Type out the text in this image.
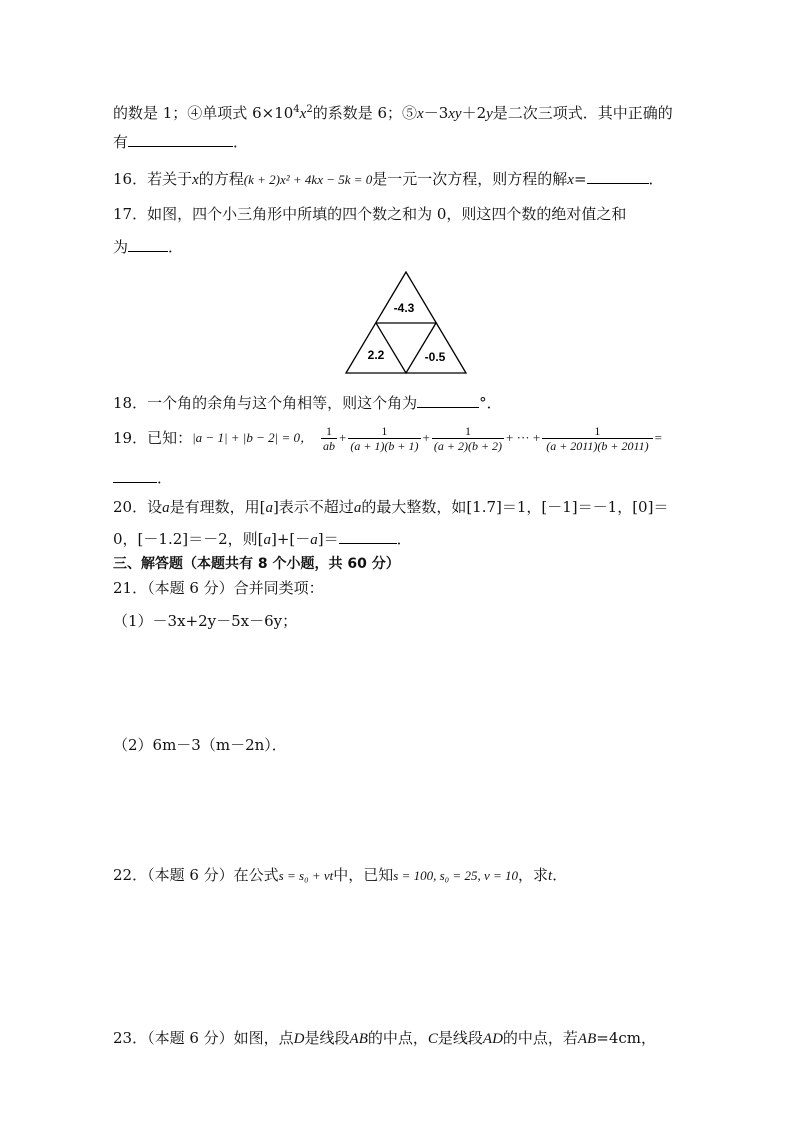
的数是 1；④单项式 $6\times 10^4x^2$的系数是 6；⑤x－3xy＋2y是二次三项式．其中正确的
有	．
16．若关于x的方程(k + 2)x² + 4kx − 5k = 0是一元一次方程，则方程的解x=	．
17．如图，四个小三角形中所填的四个数之和为 0，则这四个数的绝对值之和
为	．
-4.3
2.2	-0.5
18．一个角的余角与这个角相等，则这个角为	°．
19．已知：|a − 1| + |b − 2| = 0， $\frac{1}{ab} + \frac{1}{(a + 1)(b + 1)} + \frac{1}{(a + 2)(b + 2)}$ + ··· + $\frac{1}{(a + 2011)(b + 2011)}$ =
．
20．设a是有理数，用[a]表示不超过a的最大整数，如[1.7]＝1，[－1]＝－1，[0]＝
0，[－1.2]＝－2，则[a]+[－a]＝	．
三、解答题（本题共有 8 个小题，共 60 分）
21．（本题 6 分）合并同类项：
（1）－3x+2y－5x－6y；
（2）6m－3（m－2n）．
22．（本题 6 分）在公式s = s₀ + vt中，已知s = 100, s₀ = 25, v = 10，求t．
23．（本题 6 分）如图，点D是线段AB的中点，C是线段AD的中点，若AB=4cm，
